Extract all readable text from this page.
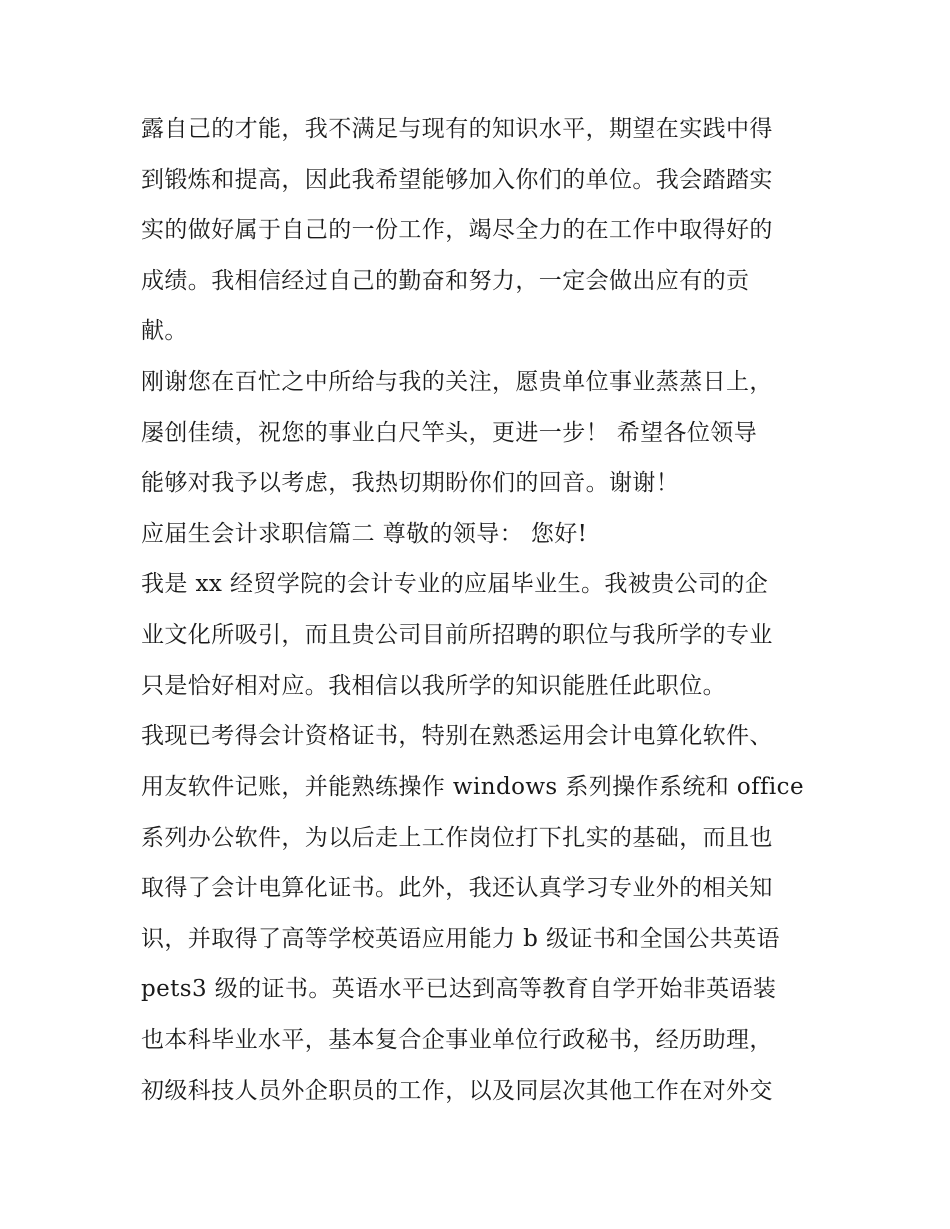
露自己的才能，我不满足与现有的知识水平，期望在实践中得
到锻炼和提高，因此我希望能够加入你们的单位。我会踏踏实
实的做好属于自己的一份工作，竭尽全力的在工作中取得好的
成绩。我相信经过自己的勤奋和努力，一定会做出应有的贡
献。
刚谢您在百忙之中所给与我的关注，愿贵单位事业蒸蒸日上，
屡创佳绩，祝您的事业白尺竿头，更进一步！ 希望各位领导
能够对我予以考虑，我热切期盼你们的回音。谢谢！
应届生会计求职信篇二 尊敬的领导： 您好!
我是 xx 经贸学院的会计专业的应届毕业生。我被贵公司的企
业文化所吸引，而且贵公司目前所招聘的职位与我所学的专业
只是恰好相对应。我相信以我所学的知识能胜任此职位。
我现已考得会计资格证书，特别在熟悉运用会计电算化软件、
用友软件记账，并能熟练操作 windows 系列操作系统和 office
系列办公软件，为以后走上工作岗位打下扎实的基础，而且也
取得了会计电算化证书。此外，我还认真学习专业外的相关知
识，并取得了高等学校英语应用能力 b 级证书和全国公共英语
pets3 级的证书。英语水平已达到高等教育自学开始非英语装
也本科毕业水平，基本复合企事业单位行政秘书，经历助理，
初级科技人员外企职员的工作，以及同层次其他工作在对外交
